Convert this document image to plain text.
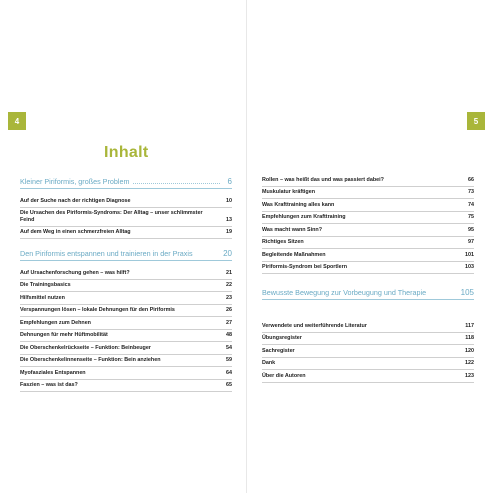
4	5
Inhalt
Kleiner Piriformis, großes Problem	6
Auf der Suche nach der richtigen Diagnose	10
Die Ursachen des Piriformis-Syndroms: Der Alltag – unser schlimmster Feind	13
Auf dem Weg in einen schmerzfreien Alltag	19
Den Piriformis entspannen und trainieren in der Praxis	20
Auf Ursachenforschung gehen – was hilft?	21
Die Trainingsbasics	22
Hilfsmittel nutzen	23
Verspannungen lösen – lokale Dehnungen für den Piriformis	26
Empfehlungen zum Dehnen	27
Dehnungen für mehr Hüftmobilität	48
Die Oberschenkelrückseite – Funktion: Beinbeuger	54
Die Oberschenkelinnenseite – Funktion: Bein anziehen	59
Myofasziales Entspannen	64
Faszien – was ist das?	65
Rollen – was heißt das und was passiert dabei?	66
Muskulatur kräftigen	73
Was Krafttraining alles kann	74
Empfehlungen zum Krafttraining	75
Was macht wann Sinn?	95
Richtiges Sitzen	97
Begleitende Maßnahmen	101
Piriformis-Syndrom bei Sportlern	103
Bewusste Bewegung zur Vorbeugung und Therapie	105
Verwendete und weiterführende Literatur	117
Übungsregister	118
Sachregister	120
Dank	122
Über die Autoren	123
